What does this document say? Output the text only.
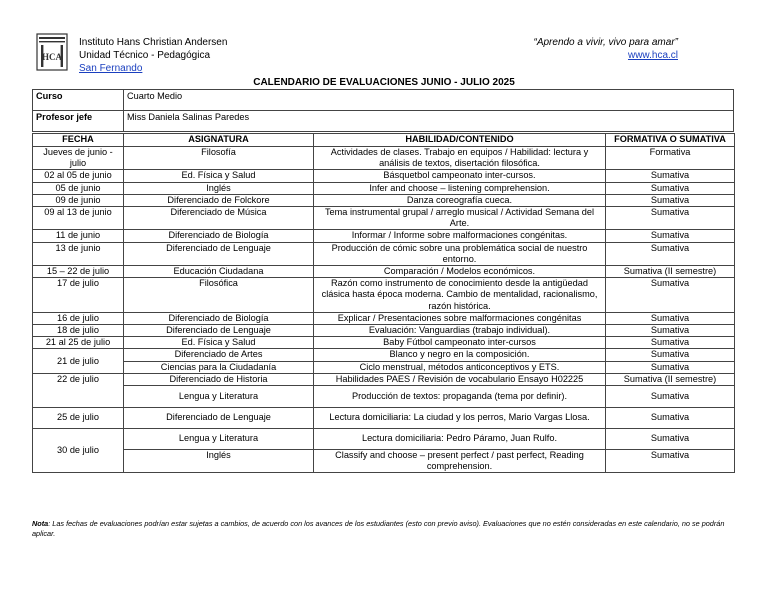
HCA
Instituto Hans Christian Andersen
Unidad Técnico - Pedagógica
San Fernando
“Aprendo a vivir, vivo para amar”
www.hca.cl
CALENDARIO DE EVALUACIONES JUNIO - JULIO 2025
Curso	Cuarto Medio
Profesor jefe	Miss Daniela Salinas Paredes
FECHA	ASIGNATURA	HABILIDAD/CONTENIDO	FORMATIVA O SUMATIVA
Jueves de junio - julio	Filosofía	Actividades de clases. Trabajo en equipos / Habilidad: lectura y análisis de textos, disertación filosófica.	Formativa
02 al 05 de junio	Ed. Física y Salud	Básquetbol campeonato inter-cursos.	Sumativa
05 de junio	Inglés	Infer and choose – listening comprehension.	Sumativa
09 de junio	Diferenciado de Folckore	Danza coreografía cueca.	Sumativa
09 al 13 de junio	Diferenciado de Música	Tema instrumental grupal / arreglo musical / Actividad Semana del Arte.	Sumativa
11 de junio	Diferenciado de Biología	Informar / Informe sobre malformaciones congénitas.	Sumativa
13 de junio	Diferenciado de Lenguaje	Producción de cómic sobre una problemática social de nuestro entorno.	Sumativa
15 – 22 de julio	Educación Ciudadana	Comparación / Modelos económicos.	Sumativa (II semestre)
17 de julio	Filosófica	Razón como instrumento de conocimiento desde la antigüedad clásica hasta época moderna. Cambio de mentalidad, racionalismo, razón histórica.	Sumativa
16 de julio	Diferenciado de Biología	Explicar / Presentaciones sobre malformaciones congénitas	Sumativa
18 de julio	Diferenciado de Lenguaje	Evaluación: Vanguardias (trabajo individual).	Sumativa
21 al 25 de julio	Ed. Física y Salud	Baby Fútbol campeonato inter-cursos	Sumativa
21 de julio	Diferenciado de Artes	Blanco y negro en la composición.	Sumativa
	Ciencias para la Ciudadanía	Ciclo menstrual, métodos anticonceptivos y ETS.	Sumativa
22 de julio	Diferenciado de Historia	Habilidades PAES / Revisión de vocabulario Ensayo H02225	Sumativa (II semestre)
	Lengua y Literatura	Producción de textos: propaganda (tema por definir).	Sumativa
25 de julio	Diferenciado de Lenguaje	Lectura domiciliaria: La ciudad y los perros, Mario Vargas Llosa.	Sumativa
30 de julio	Lengua y Literatura	Lectura domiciliaria: Pedro Páramo, Juan Rulfo.	Sumativa
	Inglés	Classify and choose – present perfect / past perfect, Reading comprehension.	Sumativa
Nota: Las fechas de evaluaciones podrían estar sujetas a cambios, de acuerdo con los avances de los estudiantes (esto con previo aviso). Evaluaciones que no estén consideradas en este calendario, no se podrán aplicar.
